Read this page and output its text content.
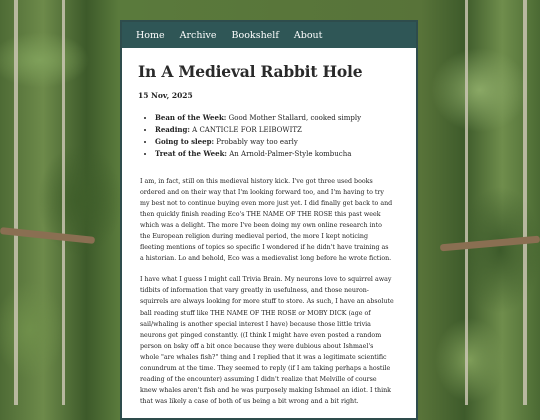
Home Archive Bookshelf About
In A Medieval Rabbit Hole
15 Nov, 2025
• Bean of the Week: Good Mother Stallard, cooked simply
• Reading: A CANTICLE FOR LEIBOWITZ
• Going to sleep: Probably way too early
• Treat of the Week: An Arnold-Palmer-Style kombucha

I am, in fact, still on this medieval history kick. I've got three used books ordered and on their way that I'm looking forward too, and I'm having to try my best not to continue buying even more just yet. I did finally get back to and then quickly finish reading Eco's THE NAME OF THE ROSE this past week which was a delight. The more I've been doing my own online research into the European religion during medieval period, the more I kept noticing fleeting mentions of topics so specific I wondered if he didn't have training as a historian. Lo and behold, Eco was a medievalist long before he wrote fiction.

I have what I guess I might call Trivia Brain. My neurons love to squirrel away tidbits of information that vary greatly in usefulness, and those neuron-squirrels are always looking for more stuff to store. As such, I have an absolute ball reading stuff like THE NAME OF THE ROSE or MOBY DICK (age of sail/whaling is another special interest I have) because those little trivia neurons get pinged constantly. ((I think I might have even posted a random person on bsky off a bit once because they were dubious about Ishmael's whole "are whales fish?" thing and I replied that it was a legitimate scientific conundrum at the time. They seemed to reply (if I am taking perhaps a hostile reading of the encounter) assuming I didn't realize that Melville of course knew whales aren't fish and he was purposely making Ishmael an idiot. I think that was likely a case of both of us being a bit wrong and a bit right.
